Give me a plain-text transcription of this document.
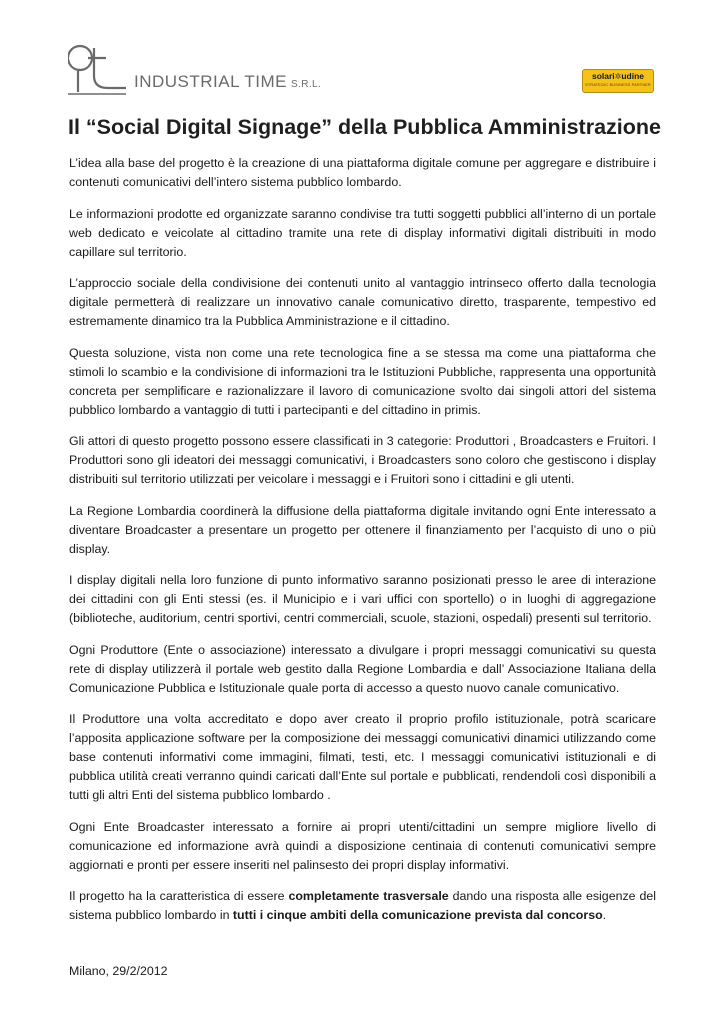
INDUSTRIAL TIME S.R.L.
solari✲udine
STRATEGIC BUSINESS PARTNER
Il “Social Digital Signage” della Pubblica Amministrazione

L’idea alla base del progetto è la creazione di una piattaforma digitale comune per aggregare e distribuire i contenuti comunicativi dell’intero sistema pubblico lombardo.

Le informazioni prodotte ed organizzate saranno condivise tra tutti soggetti pubblici all’interno di un portale web dedicato e veicolate al cittadino tramite una rete di display informativi digitali distribuiti in modo capillare sul territorio.

L’approccio sociale della condivisione dei contenuti unito al vantaggio intrinseco offerto dalla tecnologia digitale permetterà di realizzare un innovativo canale comunicativo diretto, trasparente, tempestivo ed estremamente dinamico tra la Pubblica Amministrazione e il cittadino.

Questa soluzione, vista non come una rete tecnologica fine a se stessa ma come una piattaforma che stimoli lo scambio e la condivisione di informazioni tra le Istituzioni Pubbliche, rappresenta una opportunità concreta per semplificare e razionalizzare il lavoro di comunicazione svolto dai singoli attori del sistema pubblico lombardo a vantaggio di tutti i partecipanti e del cittadino in primis.

Gli attori di questo progetto possono essere classificati in 3 categorie: Produttori , Broadcasters e Fruitori. I Produttori sono gli ideatori dei messaggi comunicativi, i Broadcasters sono coloro che gestiscono i display distribuiti sul territorio utilizzati per veicolare i messaggi e i Fruitori sono i cittadini e gli utenti.

La Regione Lombardia coordinerà la diffusione della piattaforma digitale invitando ogni Ente interessato a diventare Broadcaster a presentare un progetto per ottenere il finanziamento per l’acquisto di uno o più display.

I display digitali nella loro funzione di punto informativo saranno posizionati presso le aree di interazione dei cittadini con gli Enti stessi (es. il Municipio e i vari uffici con sportello) o in luoghi di aggregazione (biblioteche, auditorium, centri sportivi, centri commerciali, scuole, stazioni, ospedali) presenti sul territorio.

Ogni Produttore (Ente o associazione) interessato a divulgare i propri messaggi comunicativi su questa rete di display utilizzerà il portale web gestito dalla Regione Lombardia e dall’ Associazione Italiana della Comunicazione Pubblica e Istituzionale quale porta di accesso a questo nuovo canale comunicativo.

Il Produttore una volta accreditato e dopo aver creato il proprio profilo istituzionale, potrà scaricare l’apposita applicazione software per la composizione dei messaggi comunicativi dinamici utilizzando come base contenuti informativi come immagini, filmati, testi, etc. I messaggi comunicativi istituzionali e di pubblica utilità creati verranno quindi caricati dall’Ente sul portale e pubblicati, rendendoli così disponibili a tutti gli altri Enti del sistema pubblico lombardo .

Ogni Ente Broadcaster interessato a fornire ai propri utenti/cittadini un sempre migliore livello di comunicazione ed informazione avrà quindi a disposizione centinaia di contenuti comunicativi sempre aggiornati e pronti per essere inseriti nel palinsesto dei propri display informativi.

Il progetto ha la caratteristica di essere completamente trasversale dando una risposta alle esigenze del sistema pubblico lombardo in tutti i cinque ambiti della comunicazione prevista dal concorso.

Milano, 29/2/2012
